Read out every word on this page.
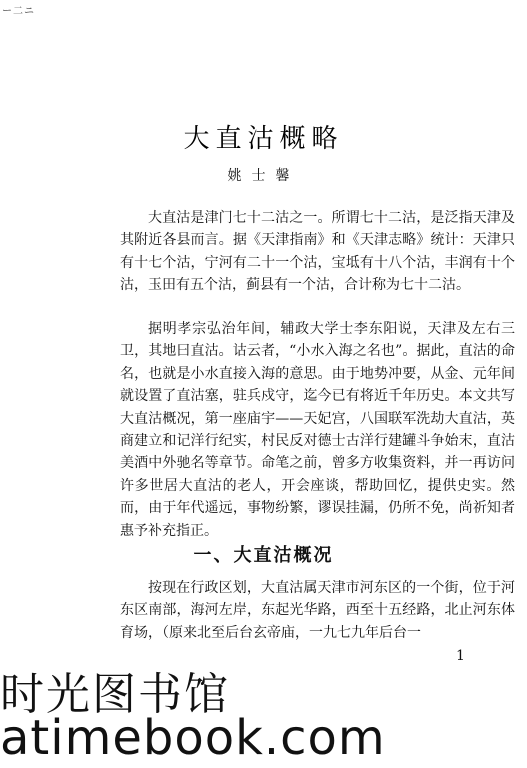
ー二ニ
大直沽概略
姚士馨
大直沽是津门七十二沽之一。所谓七十二沽，是泛指天津及其附近各县而言。据《天津指南》和《天津志略》统计：天津只有十七个沽，宁河有二十一个沽，宝坻有十八个沽，丰润有十个沽，玉田有五个沽，蓟县有一个沽，合计称为七十二沽。
据明孝宗弘治年间，辅政大学士李东阳说，天津及左右三卫，其地曰直沽。诂云者，“小水入海之名也”。据此，直沽的命名，也就是小水直接入海的意思。由于地势冲要，从金、元年间就设置了直沽塞，驻兵戍守，迄今已有将近千年历史。本文共写大直沽概况，第一座庙宇——天妃宫，八国联军洗劫大直沽，英商建立和记洋行纪实，村民反对德士古洋行建罐斗争始末，直沽美酒中外驰名等章节。命笔之前，曾多方收集资料，并一再访问许多世居大直沽的老人，开会座谈，帮助回忆，提供史实。然而，由于年代遥远，事物纷繁，谬误挂漏，仍所不免，尚祈知者惠予补充指正。
一、大直沽概况
按现在行政区划，大直沽属天津市河东区的一个街，位于河东区南部，海河左岸，东起光华路，西至十五经路，北止河东体育场，（原来北至后台玄帝庙，一九七九年后台一
1
时光图书馆
atimebook.com
